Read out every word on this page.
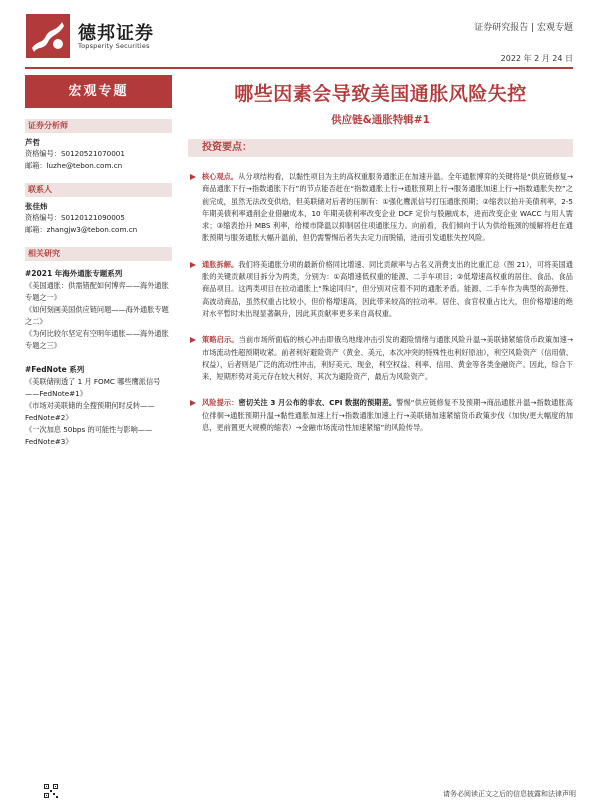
德邦证券
Topsperity Securities
证券研究报告 | 宏观专题
2022 年 2 月 24 日
宏观专题
证券分析师
芦哲
资格编号：S0120521070001
邮箱：luzhe@tebon.com.cn
联系人
张佳炜
资格编号：S0120121090005
邮箱：zhangjw3@tebon.com.cn
相关研究
#2021 年海外通胀专题系列
《美国通胀：供需错配如何博弈——海外通胀专题之一》
《如何刻画美国供应链问题——海外通胀专题之二》
《为何比较尔坚定有空明年通胀——海外通胀专题之三》
#FedNote 系列
《美联储削透了 1 月 FOMC 哪些鹰派信号——FedNote#1》
《市场对美联储的全搜预期何时反转——FedNote#2》
《一次加息 50bps 的可能性与影响——FedNote#3》
哪些因素会导致美国通胀风险失控
供应链&通胀特辑#1
投资要点：
核心观点。从分项结构看，以黏性项目为主的高权重服务通胀正在加速升温。全年通胀博弈的关键将是“供应链修复→商品通胀下行→指数通胀下行”的节点能否赶在“指数通胀上行→通胀预期上行→服务通胀加速上行→指数通胀失控”之前完成，虽然无法改变供给，但美联储对后者的压制有：①强化鹰派信号打压通胀预期；②缩表以拍升美债利率，2-5 年期美债利率通削企业借融成本，10 年期美债利率改变企业 DCF 定价与股融成本，进而改变企业 WACC 与用人需求；③缩表抬升 MBS 利率，给楼市降温以抑制居住项通胀压力。向前看，我们倾向于认为供给瓶颈的缓解将赶在通胀预期与服务通胀大幅升温前，但仍需警惕后者失去定力而脱锚，进而引发通胀失控风险。
通胀拆解。我们将美通胀分项的最新价格同比增速、同比贡献率与占名义消费支出的比重汇总（图 21），可将美国通胀的关键贡献项目拆分为两类，分别为：①高增速低权重的能源、二手车项目；②低增速高权重的居住、食品、食品商品项目。这两类项目在拉动通胀上“殊途同归”，但分别对应着不同的通胀矛盾。能源、二手车作为典型的高弹性、高波动商品，虽然权重占比较小，但价格增速高，因此带来较高的拉动率。居住、食官权重占比大，但价格增速的绝对水平暂时未出现显著飙升，因此其贡献率更多来自高权重。
策略启示。当前市场所面临的核心冲击即俄乌地缘冲击引发的避险情绪与通胀风险升温→美联储紧缩货币政策加速→市场流动性超预期收紧。前者利好避险资产（黄金、美元，本次冲突的特殊性也利好原油），利空风险资产（信用债、权益），后者则是广泛的流动性冲击，利好美元、现金，利空权益、利率、信用、黄金等各类金融资产。因此，综合下来，短期形势对美元存在较大利好，其次为避险资产，最后为风险资产。
风险提示：密切关注 3 月公布的非农、CPI 数据的预期差。警惕“供应链修复不及预期→商品通胀升温→指数通胀高位徘徊→通胀预期升温→黏性通胀加速上行→指数通胀加速上行→美联储加速紧缩货币政策步伐（加快/更大幅度的加息，更前置更大规模的缩表）→金融市场流动性加速紧缩”的风险传导。
请务必阅读正文之后的信息披露和法律声明
